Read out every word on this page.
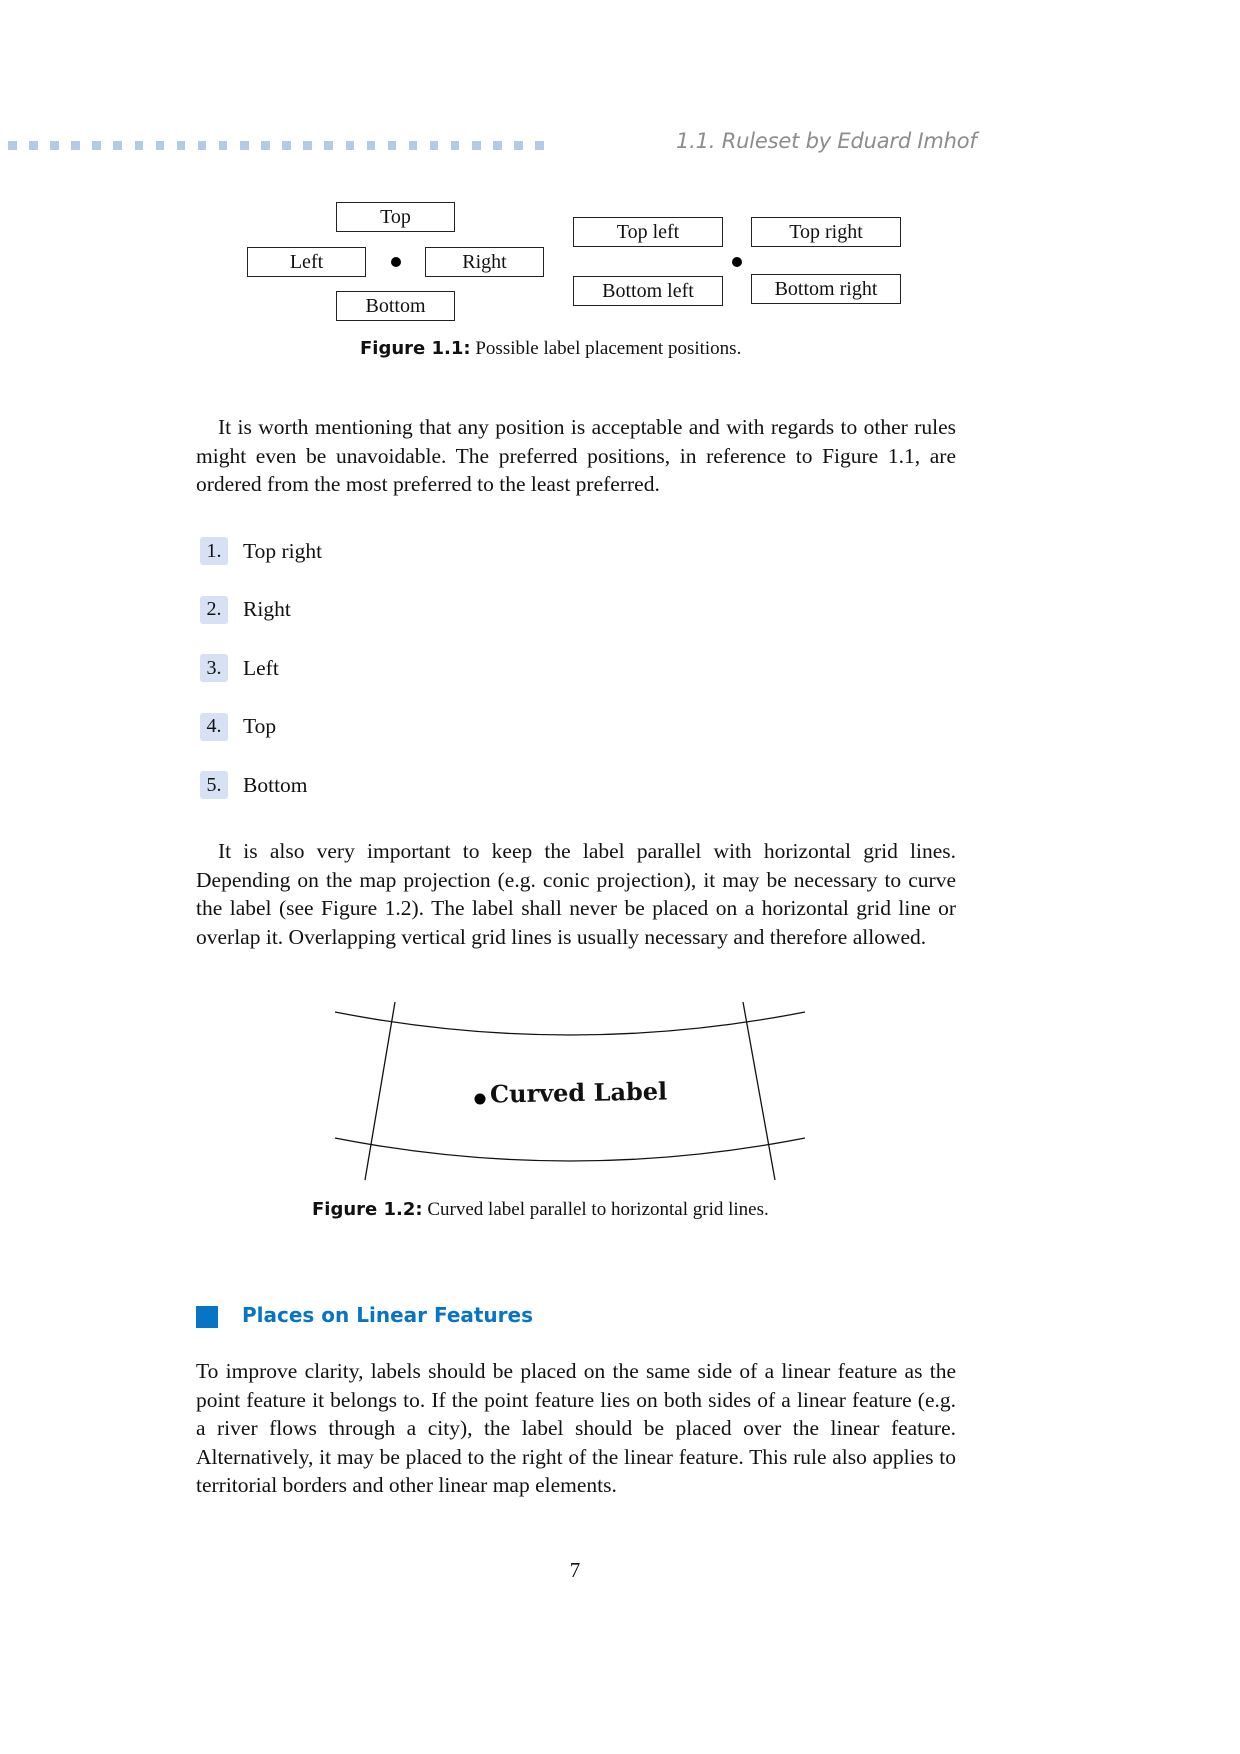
1.1. Ruleset by Eduard Imhof
Top
Left	Right
Bottom
Top left	Top right
Bottom left	Bottom right
Figure 1.1: Possible label placement positions.
It is worth mentioning that any position is acceptable and with regards to other rules might even be unavoidable. The preferred positions, in reference to Figure 1.1, are ordered from the most preferred to the least preferred.
1.	Top right
2.	Right
3.	Left
4.	Top
5.	Bottom
It is also very important to keep the label parallel with horizontal grid lines. Depending on the map projection (e.g. conic projection), it may be necessary to curve the label (see Figure 1.2). The label shall never be placed on a horizontal grid line or overlap it. Overlapping vertical grid lines is usually necessary and therefore allowed.
Curved Label
Figure 1.2: Curved label parallel to horizontal grid lines.
Places on Linear Features
To improve clarity, labels should be placed on the same side of a linear feature as the point feature it belongs to. If the point feature lies on both sides of a linear feature (e.g. a river flows through a city), the label should be placed over the linear feature. Alternatively, it may be placed to the right of the linear feature. This rule also applies to territorial borders and other linear map elements.
7
